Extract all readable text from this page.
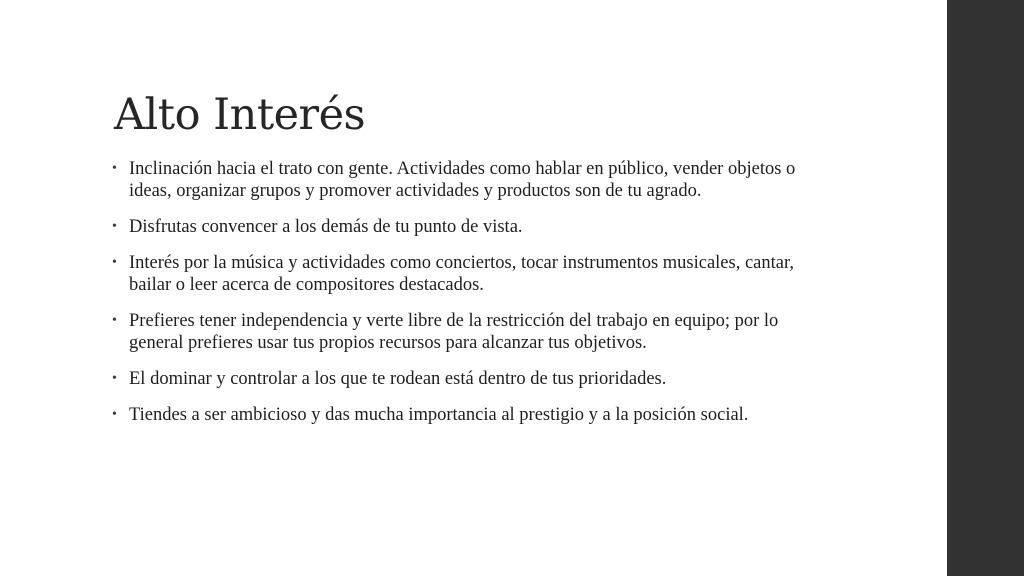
Alto Interés
• Inclinación hacia el trato con gente. Actividades como hablar en público, vender objetos o ideas, organizar grupos y promover actividades y productos son de tu agrado.
• Disfrutas convencer a los demás de tu punto de vista.
• Interés por la música y actividades como conciertos, tocar instrumentos musicales, cantar, bailar o leer acerca de compositores destacados.
• Prefieres tener independencia y verte libre de la restricción del trabajo en equipo; por lo general prefieres usar tus propios recursos para alcanzar tus objetivos.
• El dominar y controlar a los que te rodean está dentro de tus prioridades.
• Tiendes a ser ambicioso y das mucha importancia al prestigio y a la posición social.
